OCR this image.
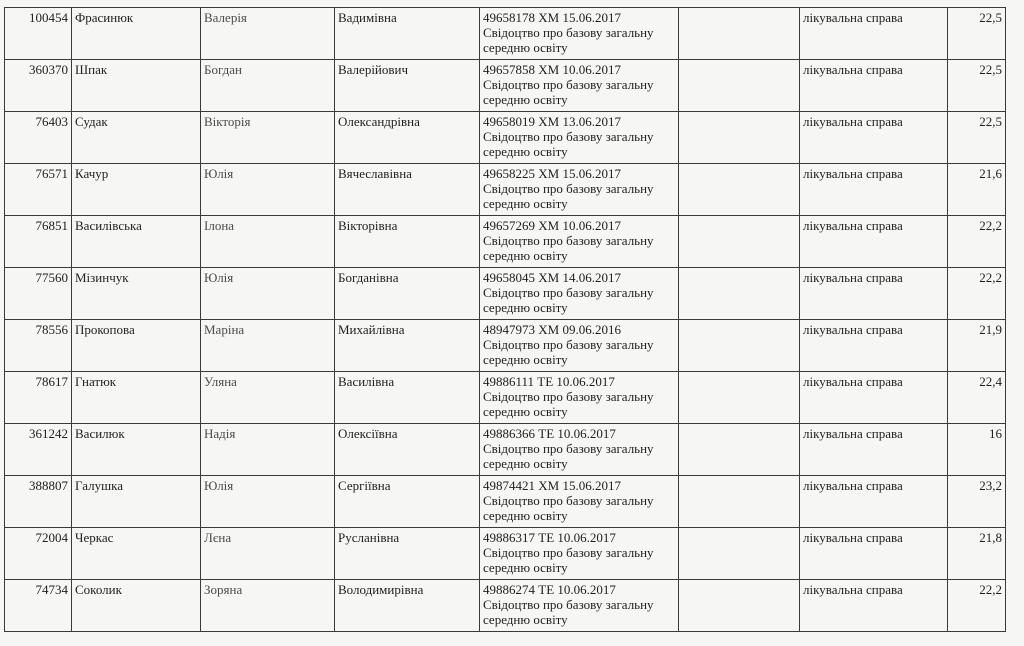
100454	Фрасинюк	Валерія	Вадимівна	49658178 ХМ 15.06.2017
Свідоцтво про базову загальну
середню освіту		лікувальна справа	22,5
360370	Шпак	Богдан	Валерійович	49657858 ХМ 10.06.2017
Свідоцтво про базову загальну
середню освіту		лікувальна справа	22,5
76403	Судак	Вікторія	Олександрівна	49658019 ХМ 13.06.2017
Свідоцтво про базову загальну
середню освіту		лікувальна справа	22,5
76571	Качур	Юлія	Вячеславівна	49658225 ХМ 15.06.2017
Свідоцтво про базову загальну
середню освіту		лікувальна справа	21,6
76851	Василівська	Ілона	Вікторівна	49657269 ХМ 10.06.2017
Свідоцтво про базову загальну
середню освіту		лікувальна справа	22,2
77560	Мізинчук	Юлія	Богданівна	49658045 ХМ 14.06.2017
Свідоцтво про базову загальну
середню освіту		лікувальна справа	22,2
78556	Прокопова	Маріна	Михайлівна	48947973 ХМ 09.06.2016
Свідоцтво про базову загальну
середню освіту		лікувальна справа	21,9
78617	Гнатюк	Уляна	Василівна	49886111 ТЕ 10.06.2017
Свідоцтво про базову загальну
середню освіту		лікувальна справа	22,4
361242	Василюк	Надія	Олексіївна	49886366 ТЕ 10.06.2017
Свідоцтво про базову загальну
середню освіту		лікувальна справа	16
388807	Галушка	Юлія	Сергіївна	49874421 ХМ 15.06.2017
Свідоцтво про базову загальну
середню освіту		лікувальна справа	23,2
72004	Черкас	Лєна	Русланівна	49886317 ТЕ 10.06.2017
Свідоцтво про базову загальну
середню освіту		лікувальна справа	21,8
74734	Соколик	Зоряна	Володимирівна	49886274 ТЕ 10.06.2017
Свідоцтво про базову загальну
середню освіту		лікувальна справа	22,2
